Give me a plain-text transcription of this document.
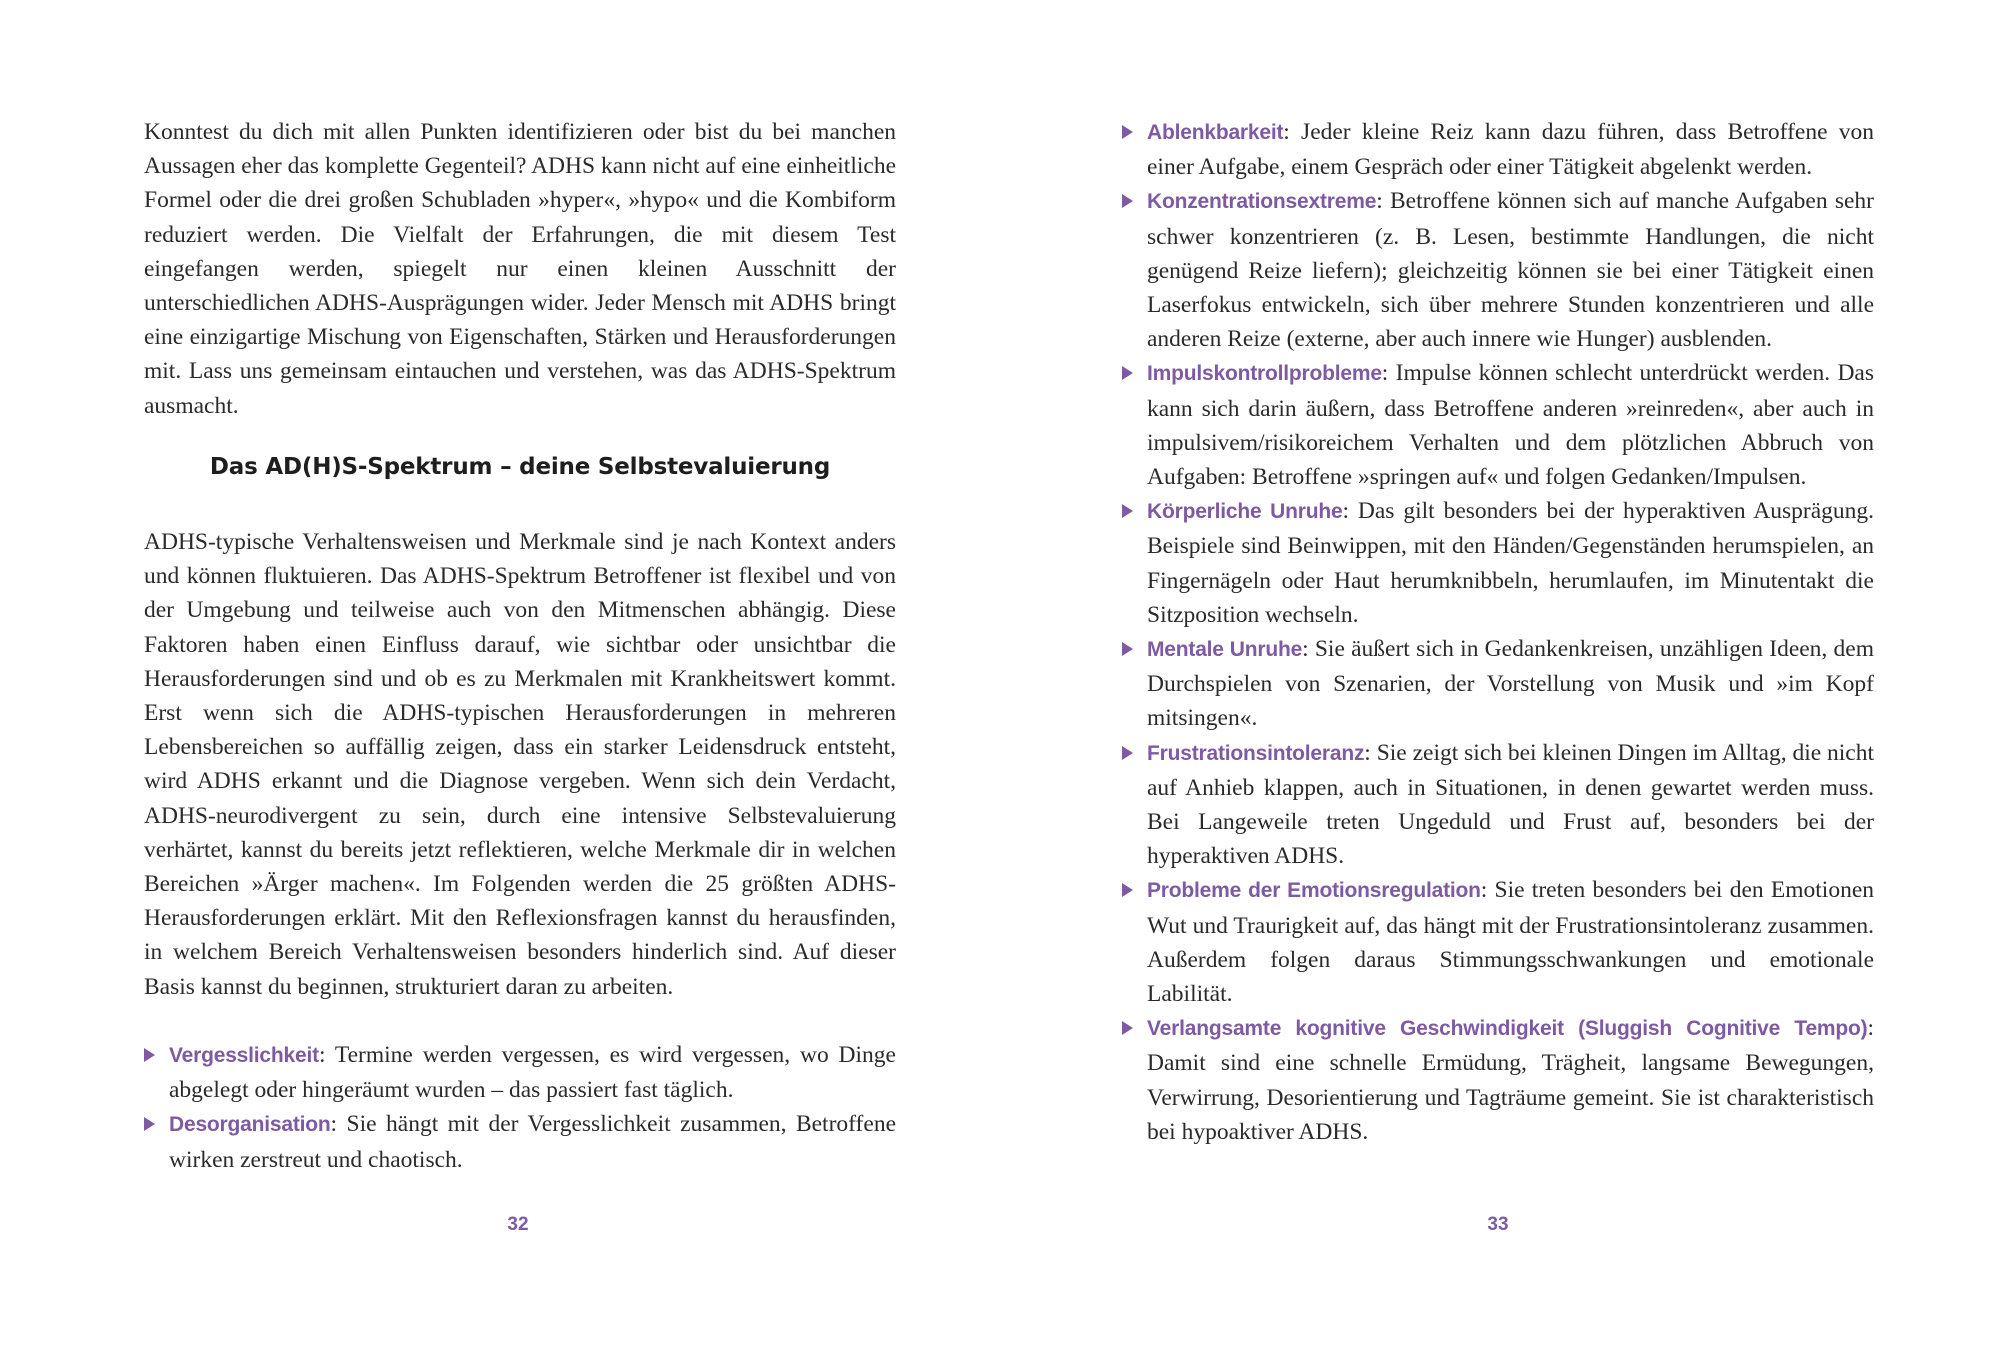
Konntest du dich mit allen Punkten identifizieren oder bist du bei manchen Aussagen eher das komplette Gegenteil? ADHS kann nicht auf eine einheitliche Formel oder die drei großen Schubladen »hyper«, »hypo« und die Kombiform reduziert werden. Die Vielfalt der Erfahrungen, die mit diesem Test eingefangen werden, spiegelt nur einen kleinen Ausschnitt der unterschiedlichen ADHS-Ausprägungen wider. Jeder Mensch mit ADHS bringt eine einzigartige Mischung von Eigenschaften, Stärken und Herausforderungen mit. Lass uns gemeinsam eintauchen und verstehen, was das ADHS-Spektrum ausmacht.

Das AD(H)S-Spektrum – deine Selbstevaluierung

ADHS-typische Verhaltensweisen und Merkmale sind je nach Kontext anders und können fluktuieren. Das ADHS-Spektrum Betroffener ist flexibel und von der Umgebung und teilweise auch von den Mitmenschen abhängig. Diese Faktoren haben einen Einfluss darauf, wie sichtbar oder unsichtbar die Herausforderungen sind und ob es zu Merkmalen mit Krankheitswert kommt. Erst wenn sich die ADHS-typischen Herausforderungen in mehreren Lebensbereichen so auffällig zeigen, dass ein starker Leidensdruck entsteht, wird ADHS erkannt und die Diagnose vergeben. Wenn sich dein Verdacht, ADHS-neurodivergent zu sein, durch eine intensive Selbstevaluierung verhärtet, kannst du bereits jetzt reflektieren, welche Merkmale dir in welchen Bereichen »Ärger machen«. Im Folgenden werden die 25 größten ADHS-Herausforderungen erklärt. Mit den Reflexionsfragen kannst du herausfinden, in welchem Bereich Verhaltensweisen besonders hinderlich sind. Auf dieser Basis kannst du beginnen, strukturiert daran zu arbeiten.

Vergesslichkeit: Termine werden vergessen, es wird vergessen, wo Dinge abgelegt oder hingeräumt wurden – das passiert fast täglich.
Desorganisation: Sie hängt mit der Vergesslichkeit zusammen, Betroffene wirken zerstreut und chaotisch.
32
Ablenkbarkeit: Jeder kleine Reiz kann dazu führen, dass Betroffene von einer Aufgabe, einem Gespräch oder einer Tätigkeit abgelenkt werden.
Konzentrationsextreme: Betroffene können sich auf manche Aufgaben sehr schwer konzentrieren (z. B. Lesen, bestimmte Handlungen, die nicht genügend Reize liefern); gleichzeitig können sie bei einer Tätigkeit einen Laserfokus entwickeln, sich über mehrere Stunden konzentrieren und alle anderen Reize (externe, aber auch innere wie Hunger) ausblenden.
Impulskontrollprobleme: Impulse können schlecht unterdrückt werden. Das kann sich darin äußern, dass Betroffene anderen »reinreden«, aber auch in impulsivem/risikoreichem Verhalten und dem plötzlichen Abbruch von Aufgaben: Betroffene »springen auf« und folgen Gedanken/Impulsen.
Körperliche Unruhe: Das gilt besonders bei der hyperaktiven Ausprägung. Beispiele sind Beinwippen, mit den Händen/Gegenständen herumspielen, an Fingernägeln oder Haut herumknibbeln, herumlaufen, im Minutentakt die Sitzposition wechseln.
Mentale Unruhe: Sie äußert sich in Gedankenkreisen, unzähligen Ideen, dem Durchspielen von Szenarien, der Vorstellung von Musik und »im Kopf mitsingen«.
Frustrationsintoleranz: Sie zeigt sich bei kleinen Dingen im Alltag, die nicht auf Anhieb klappen, auch in Situationen, in denen gewartet werden muss. Bei Langeweile treten Ungeduld und Frust auf, besonders bei der hyperaktiven ADHS.
Probleme der Emotionsregulation: Sie treten besonders bei den Emotionen Wut und Traurigkeit auf, das hängt mit der Frustrationsintoleranz zusammen. Außerdem folgen daraus Stimmungsschwankungen und emotionale Labilität.
Verlangsamte kognitive Geschwindigkeit (Sluggish Cognitive Tempo): Damit sind eine schnelle Ermüdung, Trägheit, langsame Bewegungen, Verwirrung, Desorientierung und Tagträume gemeint. Sie ist charakteristisch bei hypoaktiver ADHS.
33
